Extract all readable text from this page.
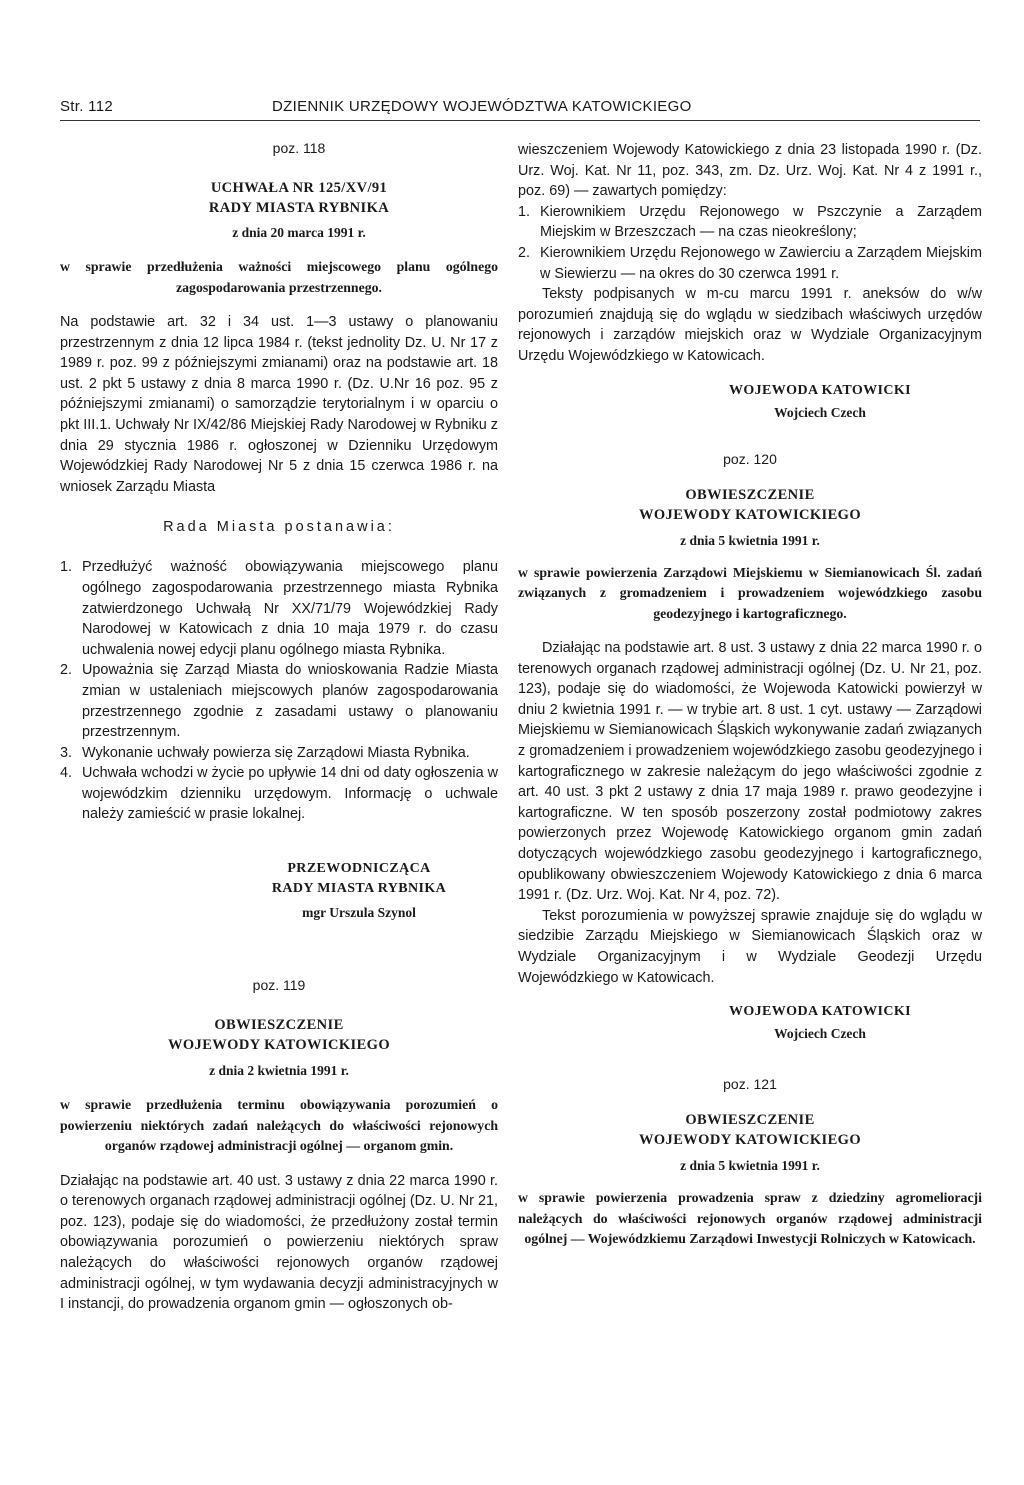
Str. 112	DZIENNIK URZĘDOWY WOJEWÓDZTWA KATOWICKIEGO

poz. 118

UCHWAŁA NR 125/XV/91

RADY MIASTA RYBNIKA

z dnia 20 marca 1991 r.

w sprawie przedłużenia ważności miejscowego planu ogólnego zagospodarowania przestrzennego.

Na podstawie art. 32 i 34 ust. 1—3 ustawy o planowaniu przestrzennym z dnia 12 lipca 1984 r. (tekst jednolity Dz. U. Nr 17 z 1989 r. poz. 99 z późniejszymi zmianami) oraz na podstawie art. 18 ust. 2 pkt 5 ustawy z dnia 8 marca 1990 r. (Dz. U.Nr 16 poz. 95 z późniejszymi zmianami) o samorządzie terytorialnym i w oparciu o pkt III.1. Uchwały Nr IX/42/86 Miejskiej Rady Narodowej w Rybniku z dnia 29 stycznia 1986 r. ogłoszonej w Dzienniku Urzędowym Wojewódzkiej Rady Narodowej Nr 5 z dnia 15 czerwca 1986 r. na wniosek Zarządu Miasta

Rada Miasta postanawia:

1. Przedłużyć ważność obowiązywania miejscowego planu ogólnego zagospodarowania przestrzennego miasta Rybnika zatwierdzonego Uchwałą Nr XX/71/79 Wojewódzkiej Rady Narodowej w Katowicach z dnia 10 maja 1979 r. do czasu uchwalenia nowej edycji planu ogólnego miasta Rybnika.
2. Upoważnia się Zarząd Miasta do wnioskowania Radzie Miasta zmian w ustaleniach miejscowych planów zagospodarowania przestrzennego zgodnie z zasadami ustawy o planowaniu przestrzennym.
3. Wykonanie uchwały powierza się Zarządowi Miasta Rybnika.
4. Uchwała wchodzi w życie po upływie 14 dni od daty ogłoszenia w wojewódzkim dzienniku urzędowym. Informację o uchwale należy zamieścić w prasie lokalnej.

PRZEWODNICZĄCA

RADY MIASTA RYBNIKA

mgr Urszula Szynol

poz. 119

OBWIESZCZENIE

WOJEWODY KATOWICKIEGO

z dnia 2 kwietnia 1991 r.

w sprawie przedłużenia terminu obowiązywania porozumień o powierzeniu niektórych zadań należących do właściwości rejonowych organów rządowej administracji ogólnej — organom gmin.

Działając na podstawie art. 40 ust. 3 ustawy z dnia 22 marca 1990 r. o terenowych organach rządowej administracji ogólnej (Dz. U. Nr 21, poz. 123), podaje się do wiadomości, że przedłużony został termin obowiązywania porozumień o powierzeniu niektórych spraw należących do właściwości rejonowych organów rządowej administracji ogólnej, w tym wydawania decyzji administracyjnych w I instancji, do prowadzenia organom gmin — ogłoszonych ob-

wieszczeniem Wojewody Katowickiego z dnia 23 listopada 1990 r. (Dz. Urz. Woj. Kat. Nr 11, poz. 343, zm. Dz. Urz. Woj. Kat. Nr 4 z 1991 r., poz. 69) — zawartych pomiędzy:

1. Kierownikiem Urzędu Rejonowego w Pszczynie a Zarządem Miejskim w Brzeszczach — na czas nieokreślony;
2. Kierownikiem Urzędu Rejonowego w Zawierciu a Zarządem Miejskim w Siewierzu — na okres do 30 czerwca 1991 r.

Teksty podpisanych w m-cu marcu 1991 r. aneksów do w/w porozumień znajdują się do wglądu w siedzibach właściwych urzędów rejonowych i zarządów miejskich oraz w Wydziale Organizacyjnym Urzędu Wojewódzkiego w Katowicach.

WOJEWODA KATOWICKI

Wojciech Czech

poz. 120

OBWIESZCZENIE

WOJEWODY KATOWICKIEGO

z dnia 5 kwietnia 1991 r.

w sprawie powierzenia Zarządowi Miejskiemu w Siemianowicach Śl. zadań związanych z gromadzeniem i prowadzeniem wojewódzkiego zasobu geodezyjnego i kartograficznego.

Działając na podstawie art. 8 ust. 3 ustawy z dnia 22 marca 1990 r. o terenowych organach rządowej administracji ogólnej (Dz. U. Nr 21, poz. 123), podaje się do wiadomości, że Wojewoda Katowicki powierzył w dniu 2 kwietnia 1991 r. — w trybie art. 8 ust. 1 cyt. ustawy — Zarządowi Miejskiemu w Siemianowicach Śląskich wykonywanie zadań związanych z gromadzeniem i prowadzeniem wojewódzkiego zasobu geodezyjnego i kartograficznego w zakresie należącym do jego właściwości zgodnie z art. 40 ust. 3 pkt 2 ustawy z dnia 17 maja 1989 r. prawo geodezyjne i kartograficzne. W ten sposób poszerzony został podmiotowy zakres powierzonych przez Wojewodę Katowickiego organom gmin zadań dotyczących wojewódzkiego zasobu geodezyjnego i kartograficznego, opublikowany obwieszczeniem Wojewody Katowickiego z dnia 6 marca 1991 r. (Dz. Urz. Woj. Kat. Nr 4, poz. 72).

Tekst porozumienia w powyższej sprawie znajduje się do wglądu w siedzibie Zarządu Miejskiego w Siemianowicach Śląskich oraz w Wydziale Organizacyjnym i w Wydziale Geodezji Urzędu Wojewódzkiego w Katowicach.

WOJEWODA KATOWICKI

Wojciech Czech

poz. 121

OBWIESZCZENIE

WOJEWODY KATOWICKIEGO

z dnia 5 kwietnia 1991 r.

w sprawie powierzenia prowadzenia spraw z dziedziny agromelioracji należących do właściwości rejonowych organów rządowej administracji ogólnej — Wojewódzkiemu Zarządowi Inwestycji Rolniczych w Katowicach.
